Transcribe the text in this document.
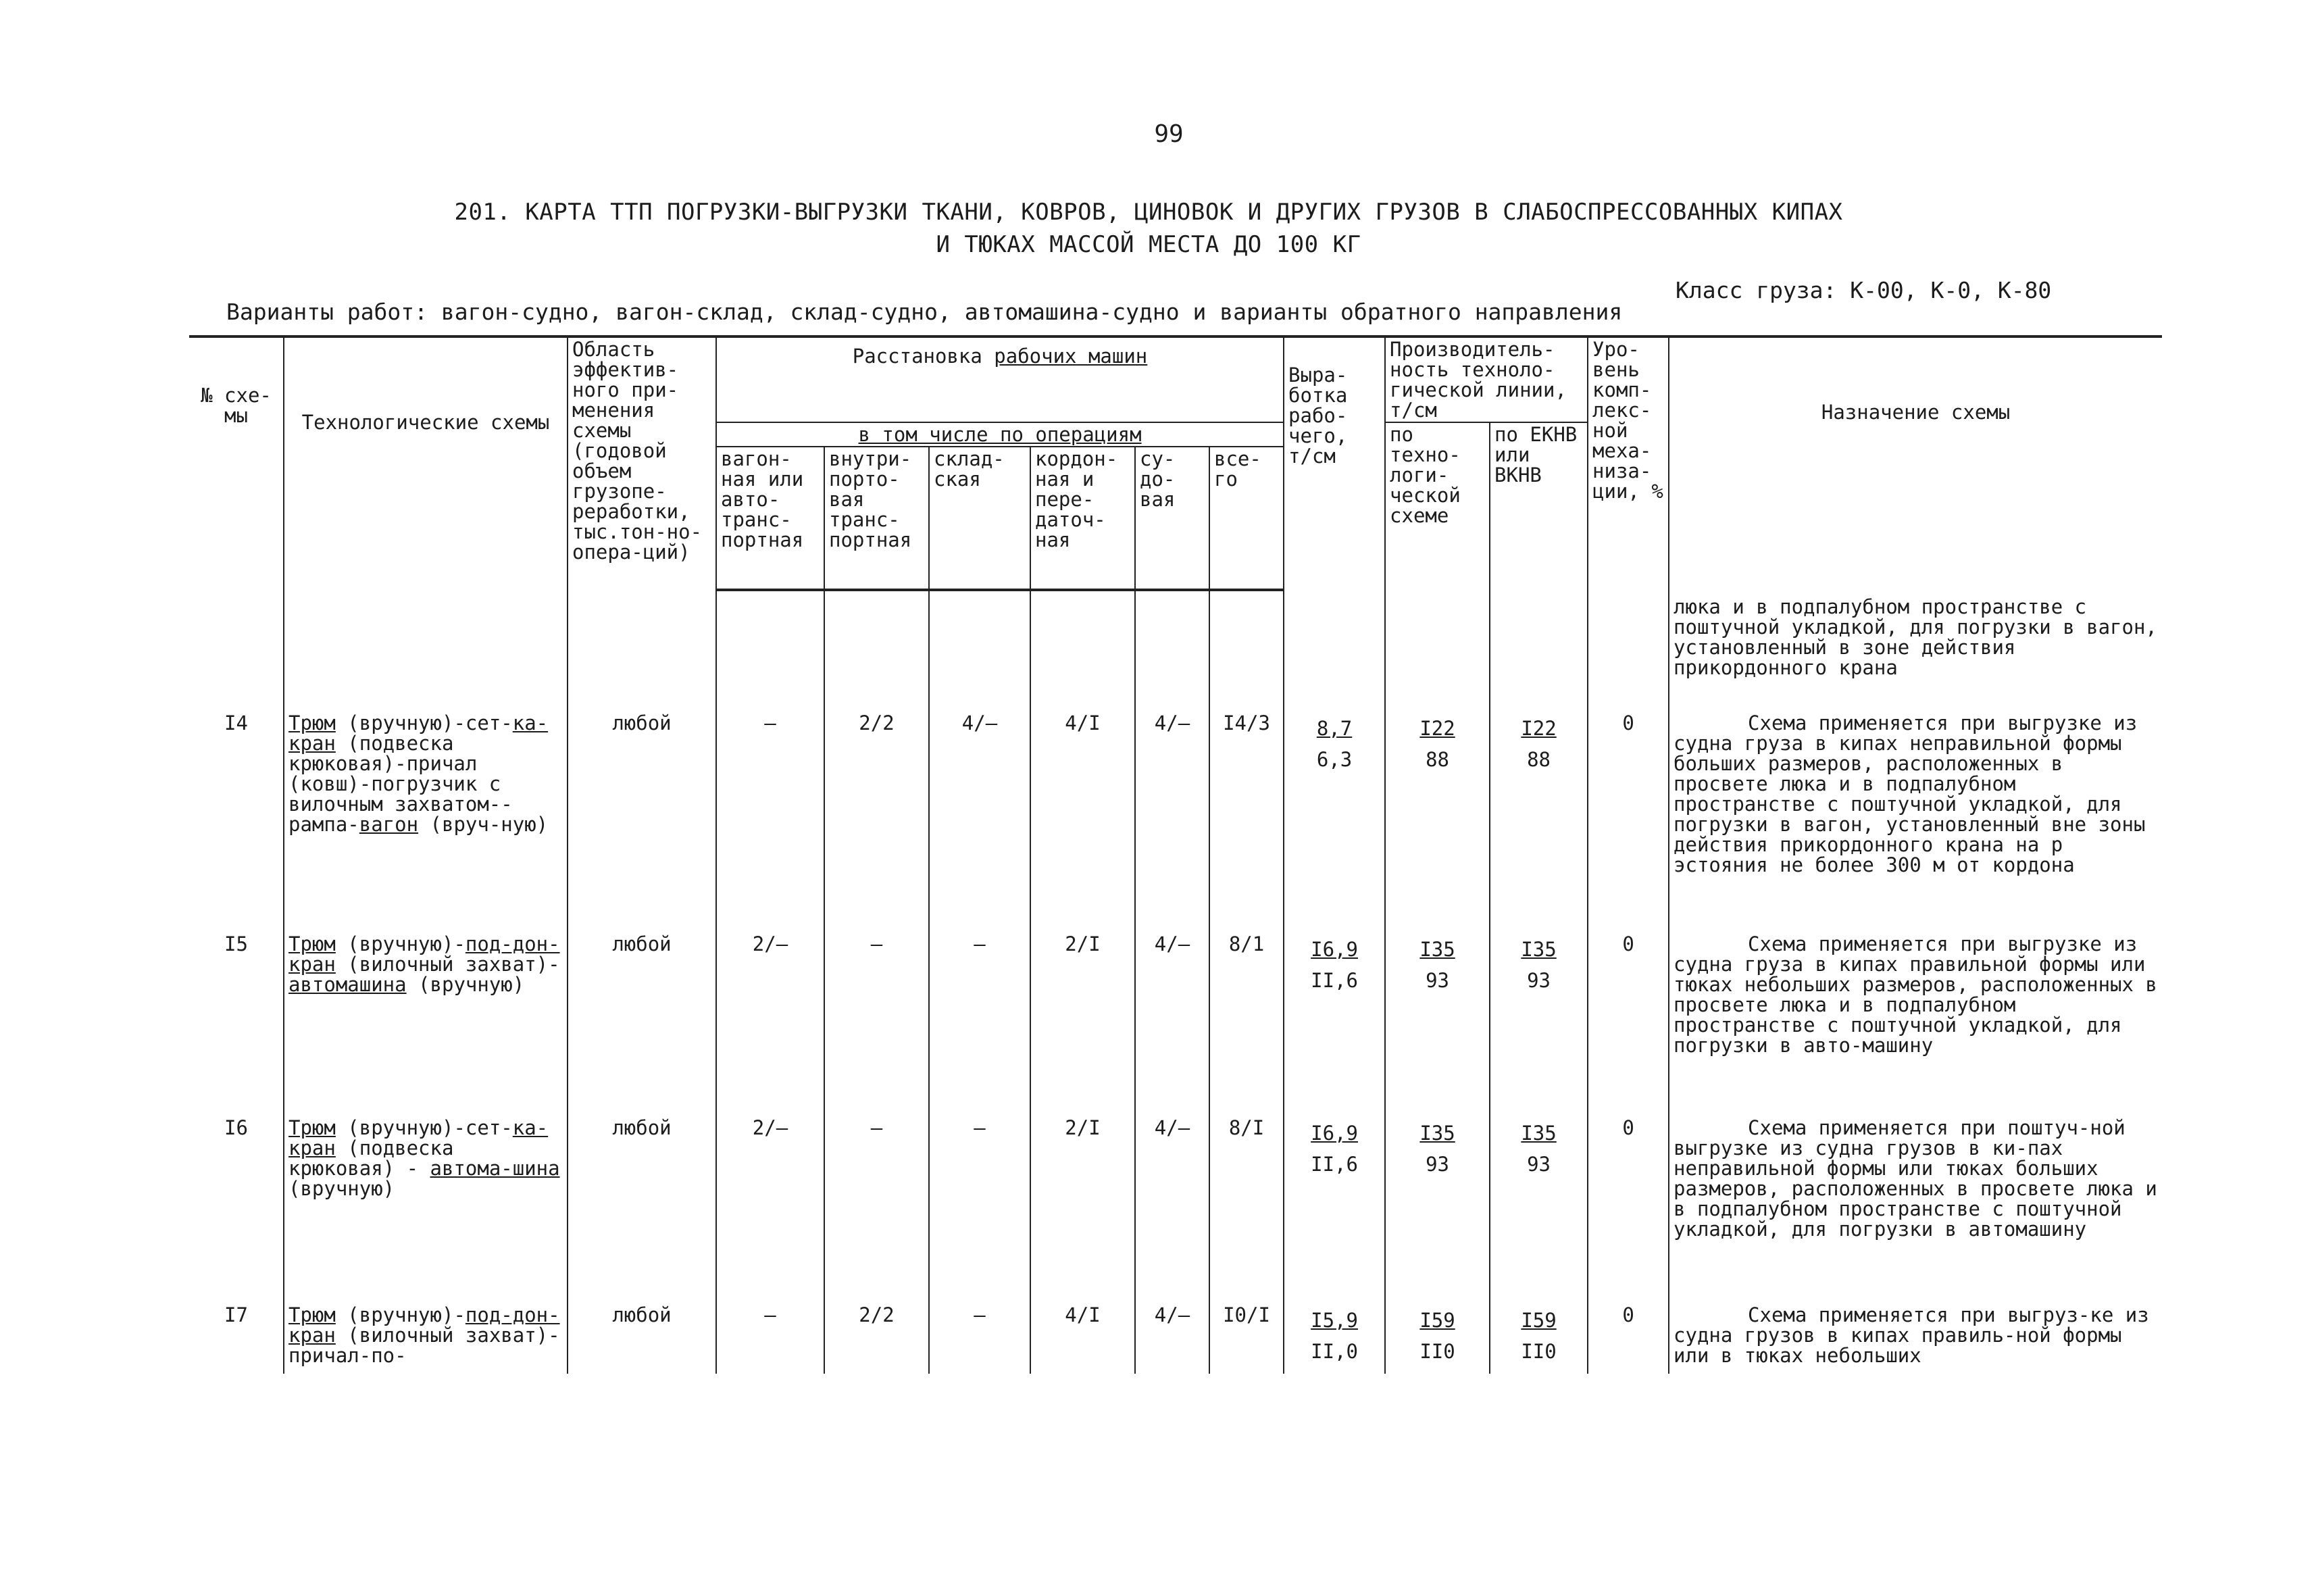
99
201. КАРТА ТТП ПОГРУЗКИ-ВЫГРУЗКИ ТКАНИ, КОВРОВ, ЦИНОВОК И ДРУГИХ ГРУЗОВ В СЛАБОСПРЕССОВАННЫХ КИПАХ
И ТЮКАХ МАССОЙ МЕСТА ДО 100 КГ
Класс груза: К-00, К-0, К-80
Варианты работ: вагон-судно, вагон-склад, склад-судно, автомашина-судно и варианты обратного направления
№ схе-мы	Технологические схемы	Область эффектив-ного при-менения схемы (годовой объем грузопе-реработки, тыс.тон-но-опера-ций)	Расстановка рабочих машин						Выра-ботка рабо-чего, т/см	Производитель-ность техноло-гической линии, т/см		Уро-вень комп-лекс-ной меха-низа-ции, %	Назначение схемы
			в том числе по операциям							по техно-логи-ческой схеме	по ЕКНВ или ВКНВ		
			вагон-ная или авто-транс-портная	внутри-порто-вая транс-портная	склад-ская	кордон-ная и пере-даточ-ная	су-до-вая	все-го					
													люка и в подпалубном пространстве с поштучной укладкой, для погрузки в вагон, установленный в зоне действия прикордонного крана
I4	Трюм (вручную)-сет-ка-кран (подвеска крюковая)-причал (ковш)-погрузчик с вилочным захватом--рампа-вагон (вруч-ную)	любой	–	2/2	4/–	4/I	4/–	I4/3	$\frac{8,7}{6,3}$	$\frac{I22}{88}$	$\frac{I22}{88}$	0	Схема применяется при выгрузке из судна груза в кипах неправильной формы больших размеров, расположенных в просвете люка и в подпалубном пространстве с поштучной укладкой, для погрузки в вагон, установленный вне зоны действия прикордонного крана на р эстояния не более 300 м от кордона
I5	Трюм (вручную)-под-дон-кран (вилочный захват)- автомашина (вручную)	любой	2/–	–	–	2/I	4/–	8/1	$\frac{I6,9}{II,6}$	$\frac{I35}{93}$	$\frac{I35}{93}$	0	Схема применяется при выгрузке из судна груза в кипах правильной формы или тюках небольших размеров, расположенных в просвете люка и в подпалубном пространстве с поштучной укладкой, для погрузки в авто-машину
I6	Трюм (вручную)-сет-ка-кран (подвеска крюковая) - автома-шина (вручную)	любой	2/–	–	–	2/I	4/–	8/I	$\frac{I6,9}{II,6}$	$\frac{I35}{93}$	$\frac{I35}{93}$	0	Схема применяется при поштуч-ной выгрузке из судна грузов в ки-пах неправильной формы или тюках больших размеров, расположенных в просвете люка и в подпалубном пространстве с поштучной укладкой, для погрузки в автомашину
I7	Трюм (вручную)-под-дон-кран (вилочный захват)-причал-по-	любой	–	2/2	–	4/I	4/–	I0/I	$\frac{I5,9}{II,0}$	$\frac{I59}{II0}$	$\frac{I59}{II0}$	0	Схема применяется при выгруз-ке из судна грузов в кипах правиль-ной формы или в тюках небольших
